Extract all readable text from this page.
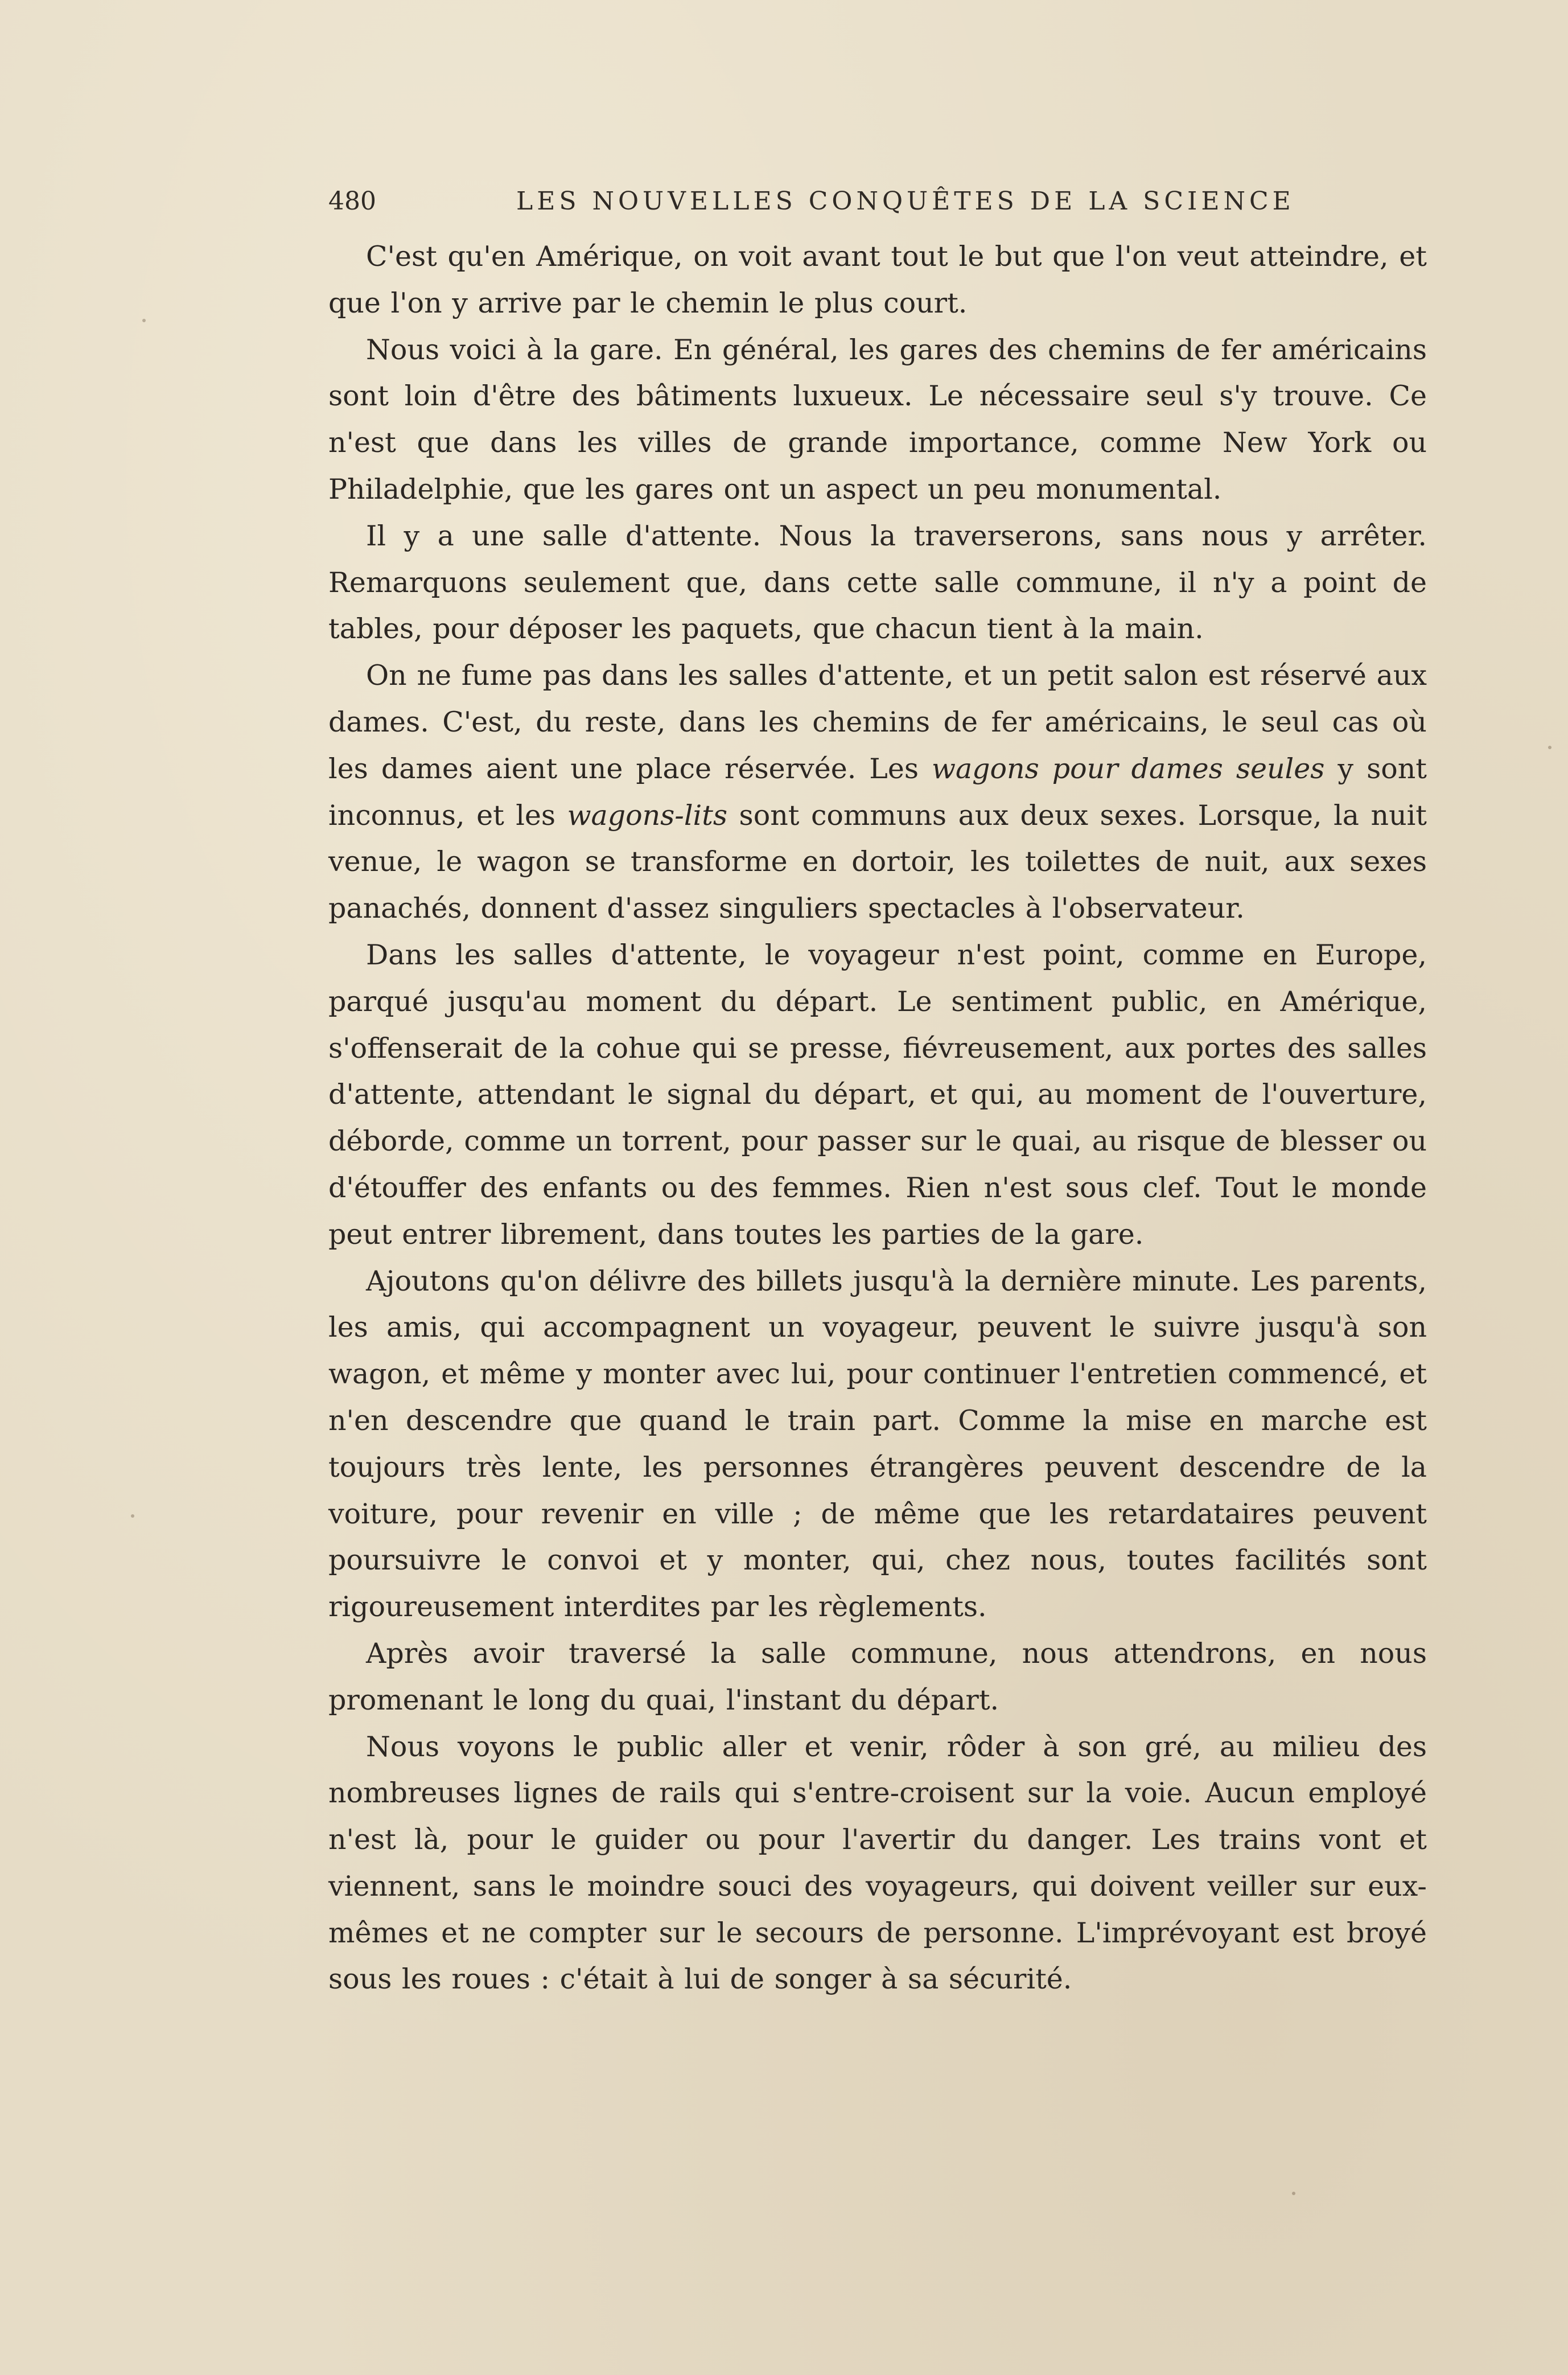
480	LES NOUVELLES CONQUÊTES DE LA SCIENCE

C'est qu'en Amérique, on voit avant tout le but que l'on veut atteindre, et que l'on y arrive par le chemin le plus court.

Nous voici à la gare. En général, les gares des chemins de fer américains sont loin d'être des bâtiments luxueux. Le nécessaire seul s'y trouve. Ce n'est que dans les villes de grande importance, comme New York ou Philadelphie, que les gares ont un aspect un peu monumental.

Il y a une salle d'attente. Nous la traverserons, sans nous y arrêter. Remarquons seulement que, dans cette salle commune, il n'y a point de tables, pour déposer les paquets, que chacun tient à la main.

On ne fume pas dans les salles d'attente, et un petit salon est réservé aux dames. C'est, du reste, dans les chemins de fer américains, le seul cas où les dames aient une place réservée. Les wagons pour dames seules y sont inconnus, et les wagons-lits sont communs aux deux sexes. Lorsque, la nuit venue, le wagon se transforme en dortoir, les toilettes de nuit, aux sexes panachés, donnent d'assez singuliers spectacles à l'observateur.

Dans les salles d'attente, le voyageur n'est point, comme en Europe, parqué jusqu'au moment du départ. Le sentiment public, en Amérique, s'offenserait de la cohue qui se presse, fiévreusement, aux portes des salles d'attente, attendant le signal du départ, et qui, au moment de l'ouverture, déborde, comme un torrent, pour passer sur le quai, au risque de blesser ou d'étouffer des enfants ou des femmes. Rien n'est sous clef. Tout le monde peut entrer librement, dans toutes les parties de la gare.

Ajoutons qu'on délivre des billets jusqu'à la dernière minute. Les parents, les amis, qui accompagnent un voyageur, peuvent le suivre jusqu'à son wagon, et même y monter avec lui, pour continuer l'entretien commencé, et n'en descendre que quand le train part. Comme la mise en marche est toujours très lente, les personnes étrangères peuvent descendre de la voiture, pour revenir en ville ; de même que les retardataires peuvent poursuivre le convoi et y monter, qui, chez nous, toutes facilités sont rigoureusement interdites par les règlements.

Après avoir traversé la salle commune, nous attendrons, en nous promenant le long du quai, l'instant du départ.

Nous voyons le public aller et venir, rôder à son gré, au milieu des nombreuses lignes de rails qui s'entre-croisent sur la voie. Aucun employé n'est là, pour le guider ou pour l'avertir du danger. Les trains vont et viennent, sans le moindre souci des voyageurs, qui doivent veiller sur eux-mêmes et ne compter sur le secours de personne. L'imprévoyant est broyé sous les roues : c'était à lui de songer à sa sécurité.
